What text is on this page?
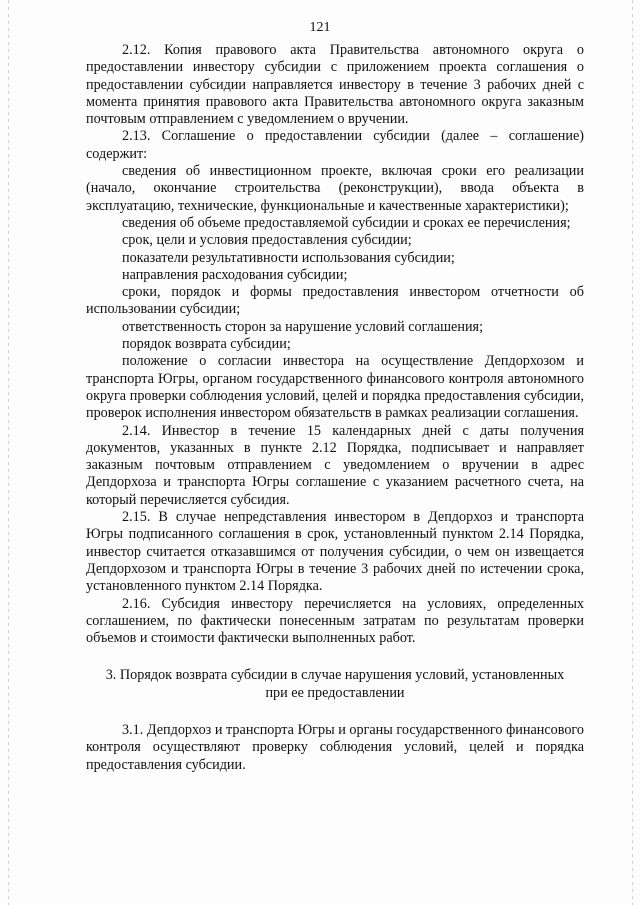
121

2.12. Копия правового акта Правительства автономного округа о предоставлении инвестору субсидии с приложением проекта соглашения о предоставлении субсидии направляется инвестору в течение 3 рабочих дней с момента принятия правового акта Правительства автономного округа заказным почтовым отправлением с уведомлением о вручении.

2.13. Соглашение о предоставлении субсидии (далее – соглашение) содержит:

сведения об инвестиционном проекте, включая сроки его реализации (начало, окончание строительства (реконструкции), ввода объекта в эксплуатацию, технические, функциональные и качественные характеристики);

сведения об объеме предоставляемой субсидии и сроках ее перечисления;

срок, цели и условия предоставления субсидии;

показатели результативности использования субсидии;

направления расходования субсидии;

сроки, порядок и формы предоставления инвестором отчетности об использовании субсидии;

ответственность сторон за нарушение условий соглашения;

порядок возврата субсидии;

положение о согласии инвестора на осуществление Депдорхозом и транспорта Югры, органом государственного финансового контроля автономного округа проверки соблюдения условий, целей и порядка предоставления субсидии, проверок исполнения инвестором обязательств в рамках реализации соглашения.

2.14. Инвестор в течение 15 календарных дней с даты получения документов, указанных в пункте 2.12 Порядка, подписывает и направляет заказным почтовым отправлением с уведомлением о вручении в адрес Депдорхоза и транспорта Югры соглашение с указанием расчетного счета, на который перечисляется субсидия.

2.15. В случае непредставления инвестором в Депдорхоз и транспорта Югры подписанного соглашения в срок, установленный пунктом 2.14 Порядка, инвестор считается отказавшимся от получения субсидии, о чем он извещается Депдорхозом и транспорта Югры в течение 3 рабочих дней по истечении срока, установленного пунктом 2.14 Порядка.

2.16. Субсидия инвестору перечисляется на условиях, определенных соглашением, по фактически понесенным затратам по результатам проверки объемов и стоимости фактически выполненных работ.

3. Порядок возврата субсидии в случае нарушения условий, установленных
при ее предоставлении

3.1. Депдорхоз и транспорта Югры и органы государственного финансового контроля осуществляют проверку соблюдения условий, целей и порядка предоставления субсидии.
